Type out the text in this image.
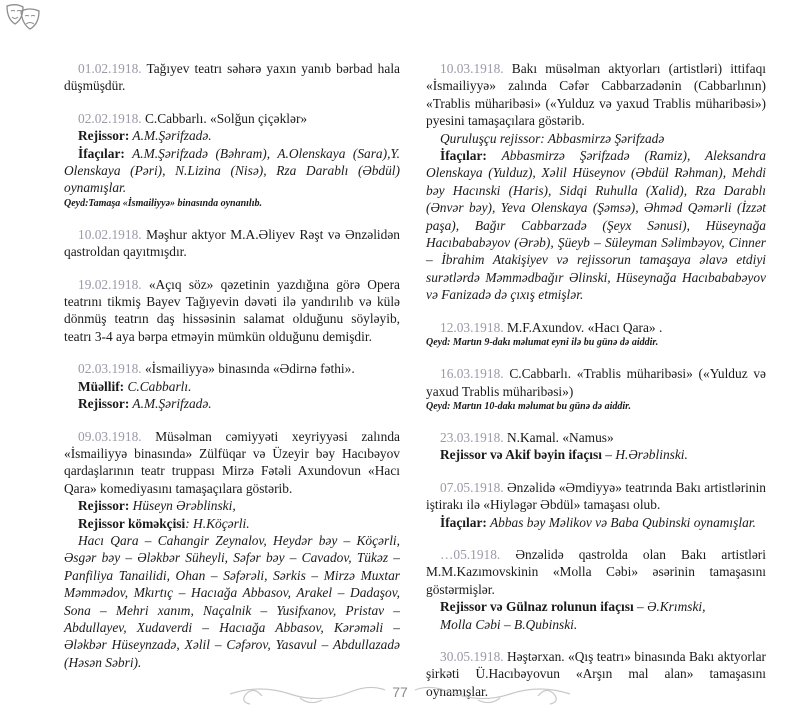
01.02.1918. Tağıyev teatrı səhərə yaxın yanıb bərbad hala düşmüşdür.

02.02.1918. C.Cabbarlı. «Solğun çiçəklər»

Rejissor: A.M.Şərifzadə.

İfaçılar: A.M.Şərifzadə (Bəhram), A.Olenskaya (Sara),Y. Olenskaya (Pəri), N.Lizina (Nisə), Rza Darablı (Əbdül) oynamışlar.

Qeyd:Tamaşa «İsmailiyyə» binasında oynanılıb.

10.02.1918. Məşhur aktyor M.A.Əliyev Rəşt və Ənzəlidən qastroldan qayıtmışdır.

19.02.1918. «Açıq söz» qəzetinin yazdığına görə Opera teatrını tikmiş Bayev Tağıyevin dəvəti ilə yandırılıb və külə dönmüş teatrın daş hissəsinin salamat olduğunu söyləyib, teatrı 3-4 aya bərpa etməyin mümkün olduğunu demişdir.

02.03.1918. «İsmailiyyə» binasında «Ədirnə fəthi».

Müəllif: C.Cabbarlı.

Rejissor: A.M.Şərifzadə.

09.03.1918. Müsəlman cəmiyyəti xeyriyyəsi zalında «İsmailiyyə binasında» Zülfüqar və Üzeyir bəy Hacıbəyov qardaşlarının teatr truppası Mirzə Fətəli Axundovun «Hacı Qara» komediyasını tamaşaçılara göstərib.

Rejissor: Hüseyn Ərəblinski,

Rejissor köməkçisi: H.Köçərli.

Hacı Qara – Cahangir Zeynalov, Heydər bəy – Köçərli, Əsgər bəy – Ələkbər Süheyli, Səfər bəy – Cavadov, Tükəz – Panfiliya Tanailidi, Ohan – Səfərəli, Sərkis – Mirzə Muxtar Məmmədov, Mkırtıç – Hacıağa Abbasov, Arakel – Dadaşov, Sona – Mehri xanım, Naçalnik – Yusifxanov, Pristav – Abdullayev, Xudaverdi – Hacıağa Abbasov, Kərəməli – Ələkbər Hüseynzadə, Xəlil – Cəfərov, Yasavul – Abdullazadə (Həsən Səbri).

10.03.1918. Bakı müsəlman aktyorları (artistləri) ittifaqı «İsmailiyyə» zalında Cəfər Cabbarzadənin (Cabbarlının) «Trablis müharibəsi» («Yulduz və yaxud Trablis müharibəsi») pyesini tamaşaçılara göstərib.

Quruluşçu rejissor: Abbasmirzə Şərifzadə

İfaçılar: Abbasmirzə Şərifzadə (Ramiz), Aleksandra Olenskaya (Yulduz), Xəlil Hüseynov (Əbdül Rəhman), Mehdi bəy Hacınski (Haris), Sidqi Ruhulla (Xalid), Rza Darablı (Ənvər bəy), Yeva Olenskaya (Şəmsə), Əhməd Qəmərli (İzzət paşa), Bağır Cabbarzadə (Şeyx Sənusi), Hüseynağa Hacıbababəyov (Ərəb), Şüeyb – Süleyman Səlimbəyov, Cinner – İbrahim Atakişiyev və rejissorun tamaşaya əlavə etdiyi surətlərdə Məmmədbağır Əlinski, Hüseynağa Hacıbababəyov və Fanizadə də çıxış etmişlər.

12.03.1918. M.F.Axundov. «Hacı Qara» .

Qeyd: Martın 9-dakı məlumat eyni ilə bu günə də aiddir.

16.03.1918. C.Cabbarlı. «Trablis müharibəsi» («Yulduz və yaxud Trablis müharibəsi»)

Qeyd: Martın 10-dakı məlumat bu günə də aiddir.

23.03.1918. N.Kamal. «Namus»

Rejissor və Akif bəyin ifaçısı – H.Ərəblinski.

07.05.1918. Ənzəlidə «Əmdiyyə» teatrında Bakı artistlərinin iştirakı ilə «Hiyləgər Əbdül» tamaşası olub.

İfaçılar: Abbas bəy Məlikov və Baba Qubinski oynamışlar.

…05.1918. Ənzəlidə qastrolda olan Bakı artistləri M.M.Kazımovskinin «Molla Cəbi» əsərinin tamaşasını göstərmişlər.

Rejissor və Gülnaz rolunun ifaçısı – Ə.Krımski,

Molla Cəbi – B.Qubinski.

30.05.1918. Həştərxan. «Qış teatrı» binasında Bakı aktyorlar şirkəti Ü.Hacıbəyovun «Arşın mal alan» tamaşasını oynamışlar.

77
